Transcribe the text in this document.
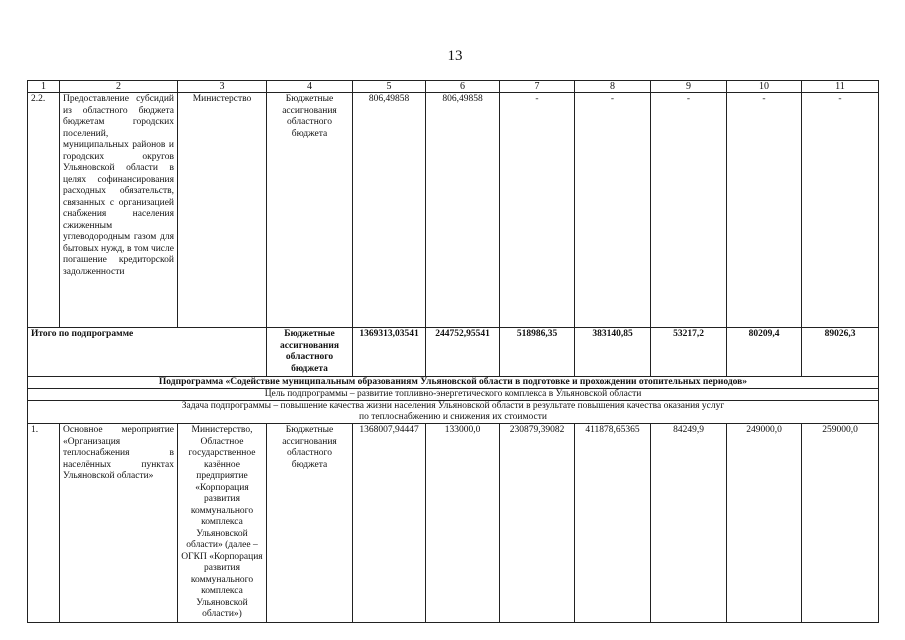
13
1	2	3	4	5	6	7	8	9	10	11
2.2.	Предоставление субсидий из областного бюджета бюджетам городских поселений, муниципальных районов и городских округов Ульяновской области в целях софинансирования расходных обязательств, связанных с организацией снабжения населения сжиженным углеводородным газом для бытовых нужд, в том числе погашение кредиторской задолженности	Министерство	Бюджетные ассигнования областного бюджета	806,49858	806,49858	-	-	-	-	-
Итого по подпрограмме			Бюджетные ассигнования областного бюджета	1369313,03541	244752,95541	518986,35	383140,85	53217,2	80209,4	89026,3
Подпрограмма «Содействие муниципальным образованиям Ульяновской области в подготовке и прохождении отопительных периодов»										
Цель подпрограммы – развитие топливно-энергетического комплекса в Ульяновской области										
Задача подпрограммы – повышение качества жизни населения Ульяновской области в результате повышения качества оказания услуг по теплоснабжению и снижения их стоимости										
1.	Основное мероприятие «Организация теплоснабжения в населённых пунктах Ульяновской области»	Министерство, Областное государственное казённое предприятие «Корпорация развития коммунального комплекса Ульяновской области» (далее – ОГКП «Корпорация развития коммунального комплекса Ульяновской области»)	Бюджетные ассигнования областного бюджета	1368007,94447	133000,0	230879,39082	411878,65365	84249,9	249000,0	259000,0
